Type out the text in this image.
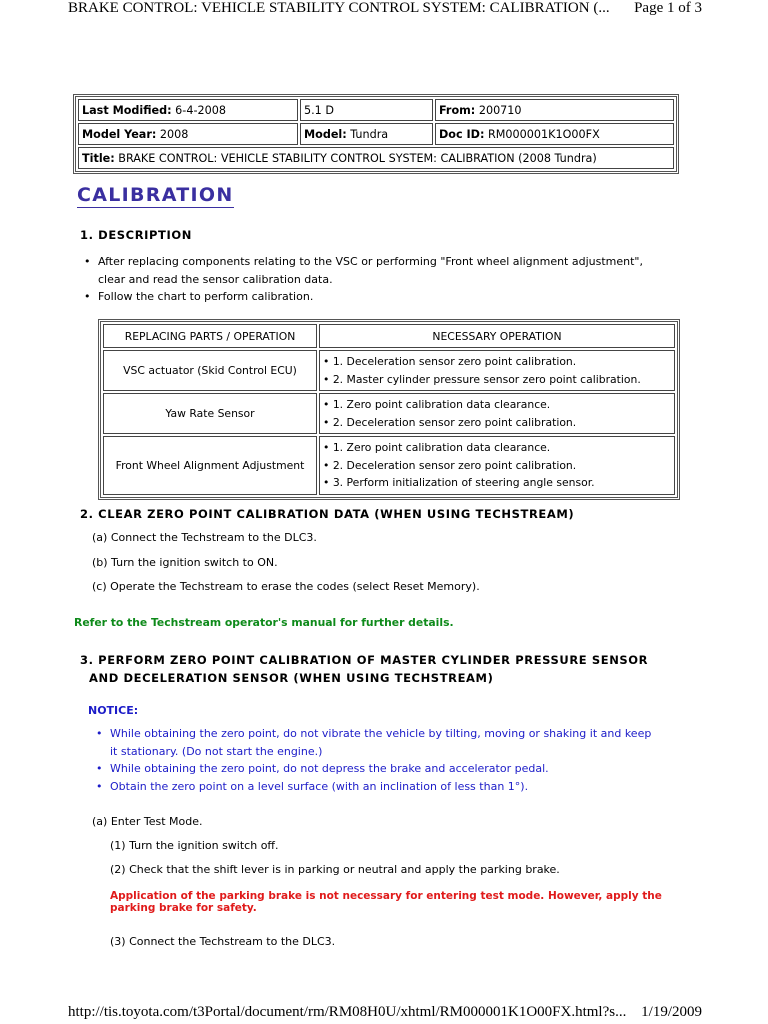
BRAKE CONTROL: VEHICLE STABILITY CONTROL SYSTEM: CALIBRATION (... Page 1 of 3
Last Modified: 6-4-2008	5.1 D	From: 200710
Model Year: 2008	Model: Tundra	Doc ID: RM000001K1O00FX
Title: BRAKE CONTROL: VEHICLE STABILITY CONTROL SYSTEM: CALIBRATION (2008 Tundra)		
CALIBRATION
1. DESCRIPTION
• After replacing components relating to the VSC or performing "Front wheel alignment adjustment",
clear and read the sensor calibration data.
• Follow the chart to perform calibration.
REPLACING PARTS / OPERATION	NECESSARY OPERATION
VSC actuator (Skid Control ECU)	• 1. Deceleration sensor zero point calibration.
• 2. Master cylinder pressure sensor zero point calibration.

Yaw Rate Sensor	• 1. Zero point calibration data clearance.
• 2. Deceleration sensor zero point calibration.

Front Wheel Alignment Adjustment	• 1. Zero point calibration data clearance.
• 2. Deceleration sensor zero point calibration.
• 3. Perform initialization of steering angle sensor.
2. CLEAR ZERO POINT CALIBRATION DATA (WHEN USING TECHSTREAM)
(a) Connect the Techstream to the DLC3.
(b) Turn the ignition switch to ON.
(c) Operate the Techstream to erase the codes (select Reset Memory).
Refer to the Techstream operator's manual for further details.
3. PERFORM ZERO POINT CALIBRATION OF MASTER CYLINDER PRESSURE SENSOR
AND DECELERATION SENSOR (WHEN USING TECHSTREAM)
NOTICE:
• While obtaining the zero point, do not vibrate the vehicle by tilting, moving or shaking it and keep
it stationary. (Do not start the engine.)
• While obtaining the zero point, do not depress the brake and accelerator pedal.
• Obtain the zero point on a level surface (with an inclination of less than 1°).
(a) Enter Test Mode.
(1) Turn the ignition switch off.
(2) Check that the shift lever is in parking or neutral and apply the parking brake.
Application of the parking brake is not necessary for entering test mode. However, apply the
parking brake for safety.
(3) Connect the Techstream to the DLC3.
http://tis.toyota.com/t3Portal/document/rm/RM08H0U/xhtml/RM000001K1O00FX.html?s... 1/19/2009
